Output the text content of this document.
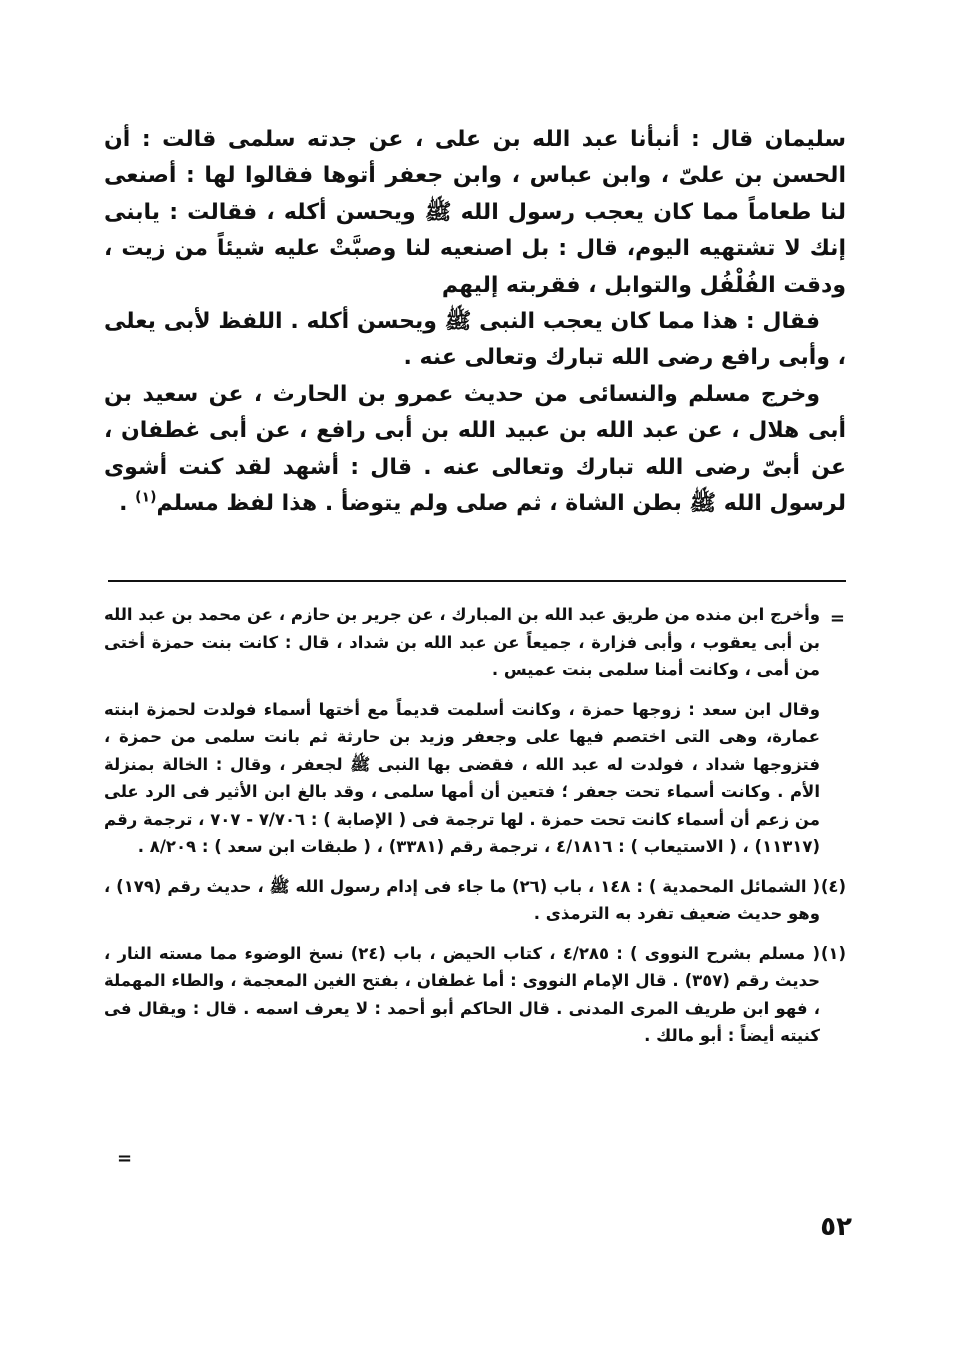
سليمان قال : أنبأنا عبد الله بن على ، عن جدته سلمى قالت : أن الحسن بن علىّ ، وابن عباس ، وابن جعفر أتوها فقالوا لها : أصنعى لنا طعاماً مما كان يعجب رسول الله ﷺ ويحسن أكله ، فقالت : يابنى إنك لا تشتهيه اليوم، قال : بل اصنعيه لنا وصبَّتْ عليه شيئاً من زيت ، ودقت الفُلْفُل والتوابل ، فقربته إليهم

فقال : هذا مما كان يعجب النبى ﷺ ويحسن أكله . اللفظ لأبى يعلى ، وأبى رافع رضى الله تبارك وتعالى عنه .

وخرج مسلم والنسائى من حديث عمرو بن الحارث ، عن سعيد بن أبى هلال ، عن عبد الله بن عبيد الله بن أبى رافع ، عن أبى غطفان ، عن أبىّ رضى الله تبارك وتعالى عنه . قال : أشهد لقد كنت أشوى لرسول الله ﷺ بطن الشاة ، ثم صلى ولم يتوضأ . هذا لفظ مسلم$^{(١)}$ .

=

وأخرج ابن منده من طريق عبد الله بن المبارك ، عن جرير بن حازم ، عن محمد بن عبد الله بن أبى يعقوب ، وأبى فزارة ، جميعاً عن عبد الله بن شداد ، قال : كانت بنت حمزة أختى من أمى ، وكانت أمنا سلمى بنت عميس .

وقال ابن سعد : زوجها حمزة ، وكانت أسلمت قديماً مع أختها أسماء فولدت لحمزة ابنته عمارة، وهى التى اختصم فيها على وجعفر وزيد بن حارثة ثم بانت سلمى من حمزة ، فتزوجها شداد ، فولدت له عبد الله ، فقضى بها النبى ﷺ لجعفر ، وقال : الخالة بمنزلة الأم . وكانت أسماء تحت جعفر ؛ فتعين أن أمها سلمى ، وقد بالغ ابن الأثير فى الرد على من زعم أن أسماء كانت تحت حمزة . لها ترجمة فى ( الإصابة ) : ٧/٧٠٦ - ٧٠٧ ، ترجمة رقم (١١٣١٧) ، ( الاستيعاب ) : ٤/١٨١٦ ، ترجمة رقم (٣٣٨١) ، ( طبقات ابن سعد ) : ٨/٢٠٩ .

(٤)
( الشمائل المحمدية ) : ١٤٨ ، باب (٢٦) ما جاء فى إدام رسول الله ﷺ ، حديث رقم (١٧٩) ، وهو حديث ضعيف تفرد به الترمذى .

(١)
( مسلم بشرح النووى ) : ٤/٢٨٥ ، كتاب الحيض ، باب (٢٤) نسخ الوضوء مما مسته النار ، حديث رقم (٣٥٧) . قال الإمام النووى : أما غطفان ، بفتح الغين المعجمة ، والطاء المهملة ، فهو ابن طريف المرى المدنى . قال الحاكم أبو أحمد : لا يعرف اسمه . قال : ويقال فى كنيته أيضاً : أبو مالك .

=
٥٢
